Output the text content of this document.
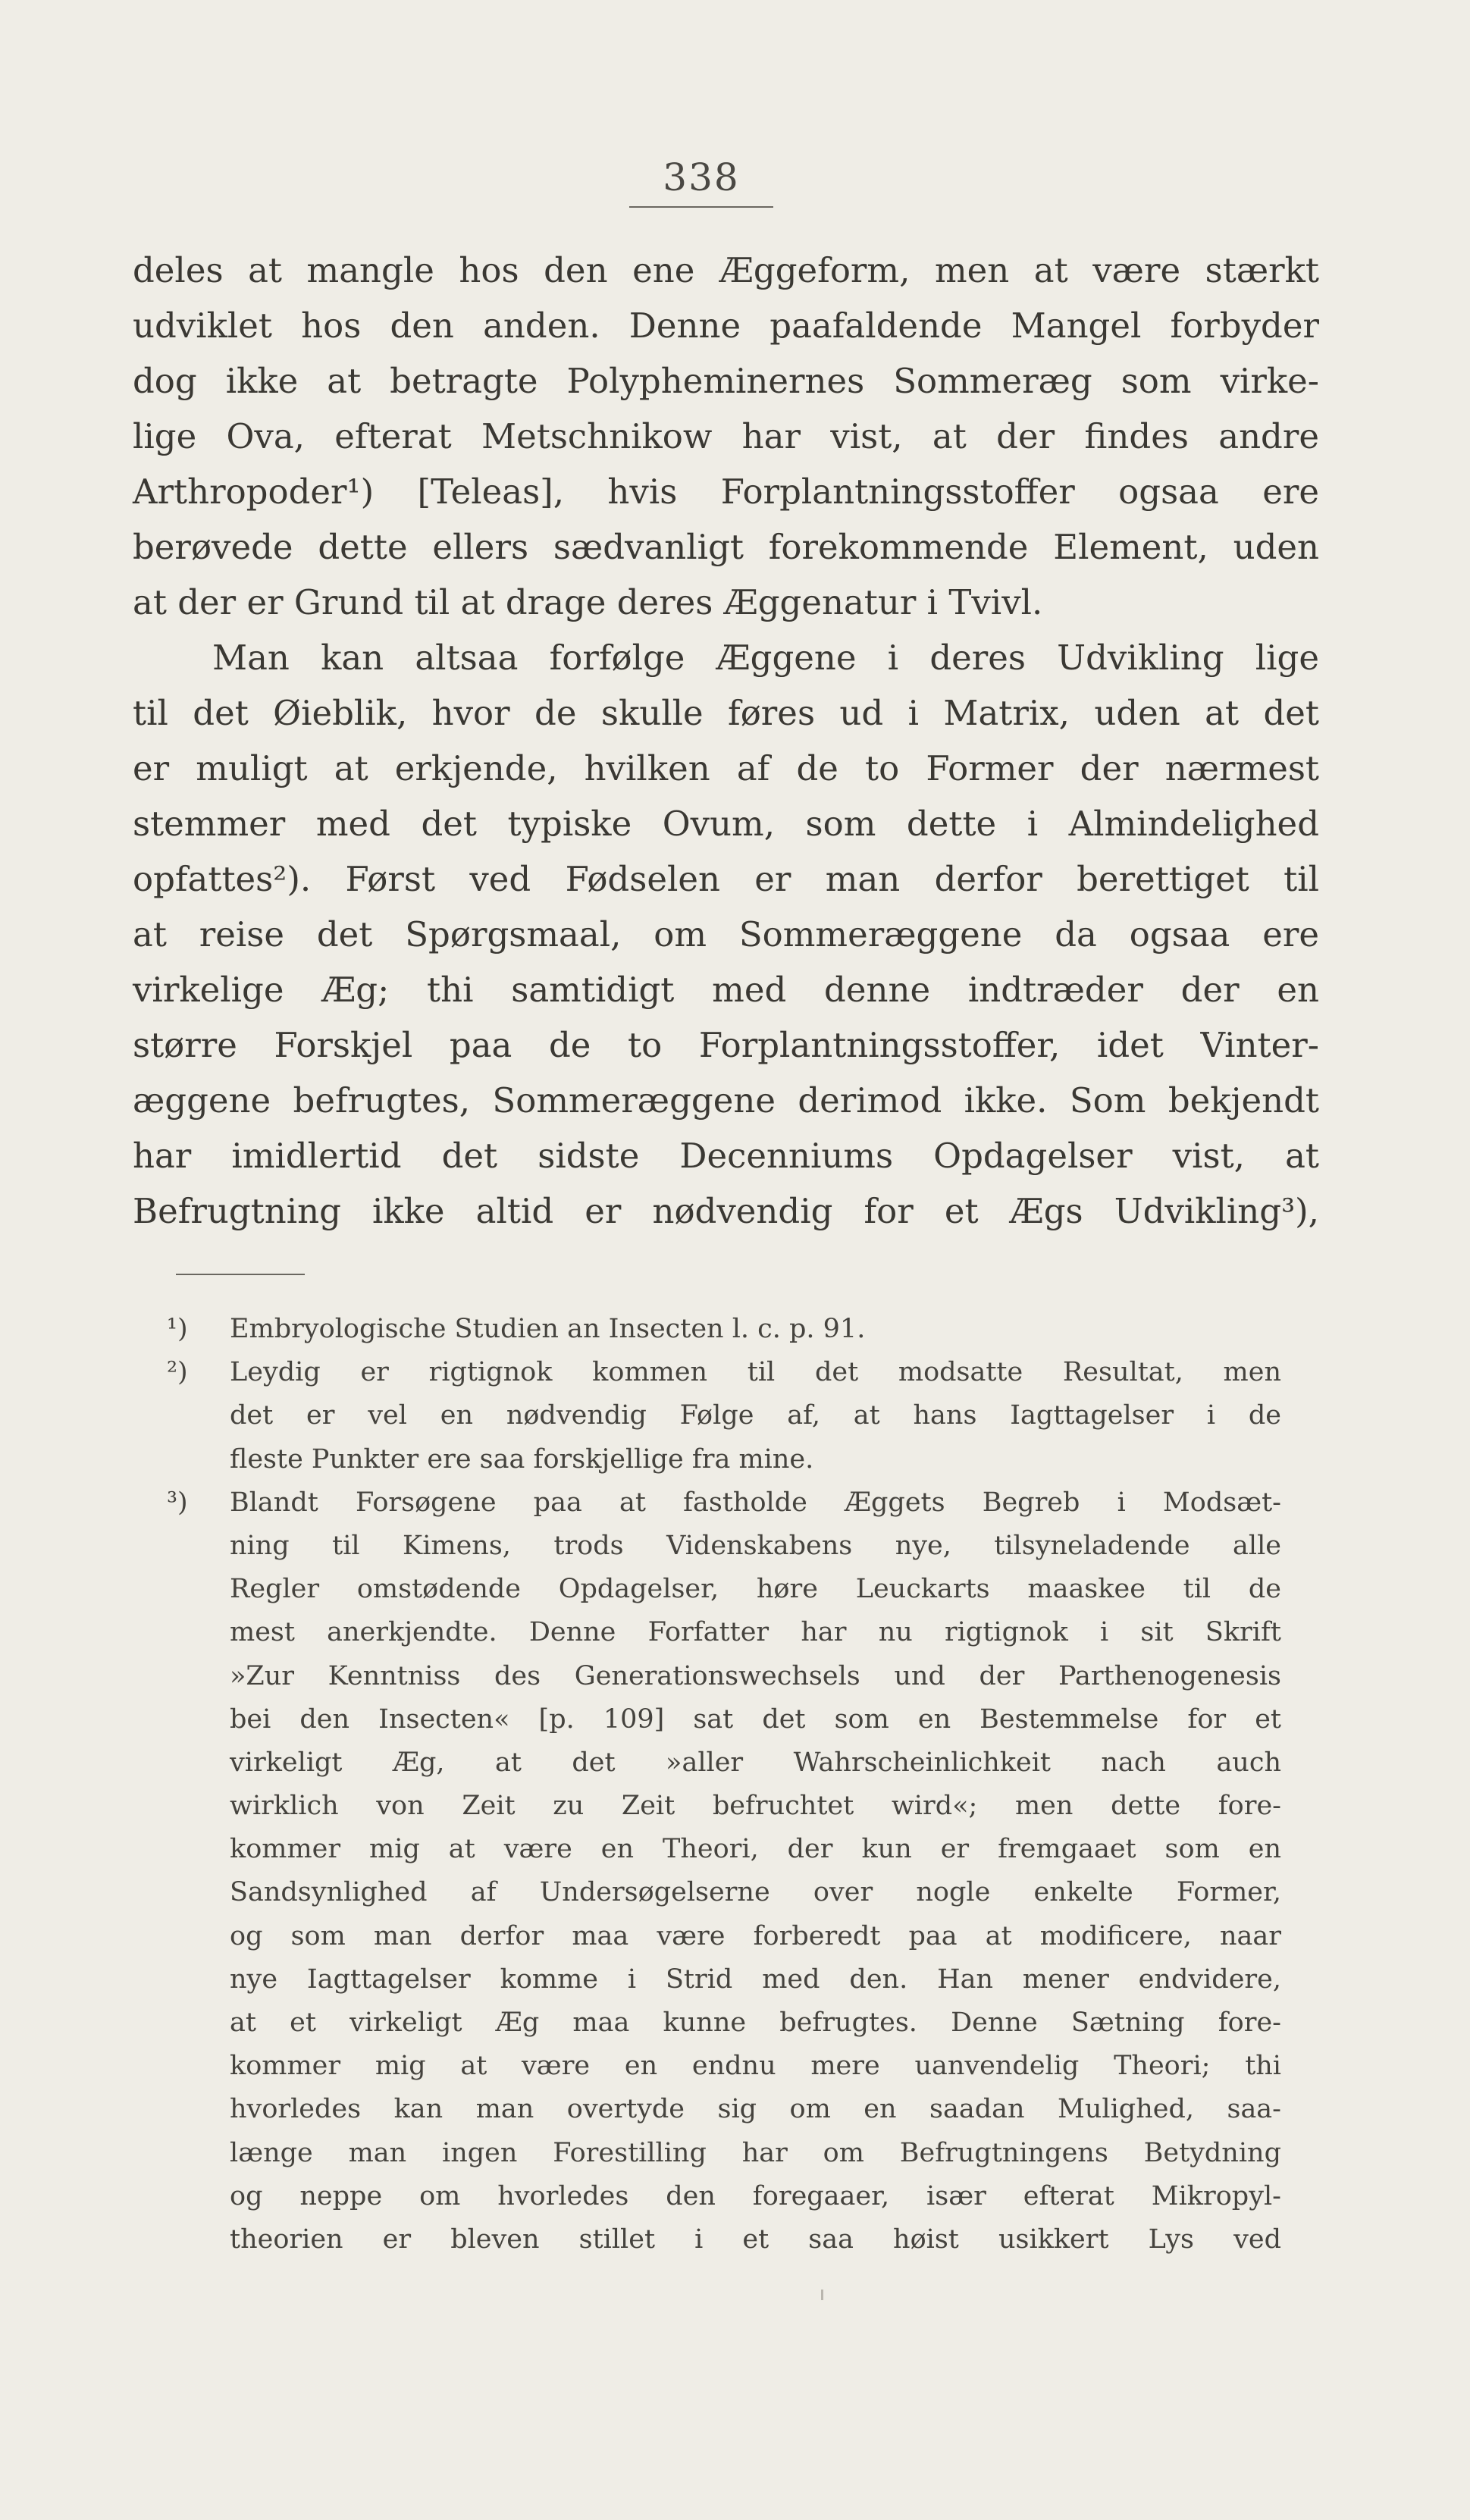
338
deles at mangle hos den ene Æggeform, men at være stærkt
udviklet hos den anden. Denne paafaldende Mangel forbyder
dog ikke at betragte Polypheminernes Sommeræg som virke-
lige Ova, efterat Metschnikow har vist, at der findes andre
Arthropoder¹) [Teleas], hvis Forplantningsstoffer ogsaa ere
berøvede dette ellers sædvanligt forekommende Element, uden
at der er Grund til at drage deres Æggenatur i Tvivl.
Man kan altsaa forfølge Æggene i deres Udvikling lige
til det Øieblik, hvor de skulle føres ud i Matrix, uden at det
er muligt at erkjende, hvilken af de to Former der nærmest
stemmer med det typiske Ovum, som dette i Almindelighed
opfattes²). Først ved Fødselen er man derfor berettiget til
at reise det Spørgsmaal, om Sommeræggene da ogsaa ere
virkelige Æg; thi samtidigt med denne indtræder der en
større Forskjel paa de to Forplantningsstoffer, idet Vinter-
æggene befrugtes, Sommeræggene derimod ikke. Som bekjendt
har imidlertid det sidste Decenniums Opdagelser vist, at
Befrugtning ikke altid er nødvendig for et Ægs Udvikling³),
¹) Embryologische Studien an Insecten l. c. p. 91.
²) Leydig er rigtignok kommen til det modsatte Resultat, men
det er vel en nødvendig Følge af, at hans Iagttagelser i de
fleste Punkter ere saa forskjellige fra mine.
³) Blandt Forsøgene paa at fastholde Æggets Begreb i Modsæt-
ning til Kimens, trods Videnskabens nye, tilsyneladende alle
Regler omstødende Opdagelser, høre Leuckarts maaskee til de
mest anerkjendte. Denne Forfatter har nu rigtignok i sit Skrift
»Zur Kenntniss des Generationswechsels und der Parthenogenesis
bei den Insecten« [p. 109] sat det som en Bestemmelse for et
virkeligt Æg, at det »aller Wahrscheinlichkeit nach auch
wirklich von Zeit zu Zeit befruchtet wird«; men dette fore-
kommer mig at være en Theori, der kun er fremgaaet som en
Sandsynlighed af Undersøgelserne over nogle enkelte Former,
og som man derfor maa være forberedt paa at modificere, naar
nye Iagttagelser komme i Strid med den. Han mener endvidere,
at et virkeligt Æg maa kunne befrugtes. Denne Sætning fore-
kommer mig at være en endnu mere uanvendelig Theori; thi
hvorledes kan man overtyde sig om en saadan Mulighed, saa-
længe man ingen Forestilling har om Befrugtningens Betydning
og neppe om hvorledes den foregaaer, især efterat Mikropyl-
theorien er bleven stillet i et saa høist usikkert Lys ved
